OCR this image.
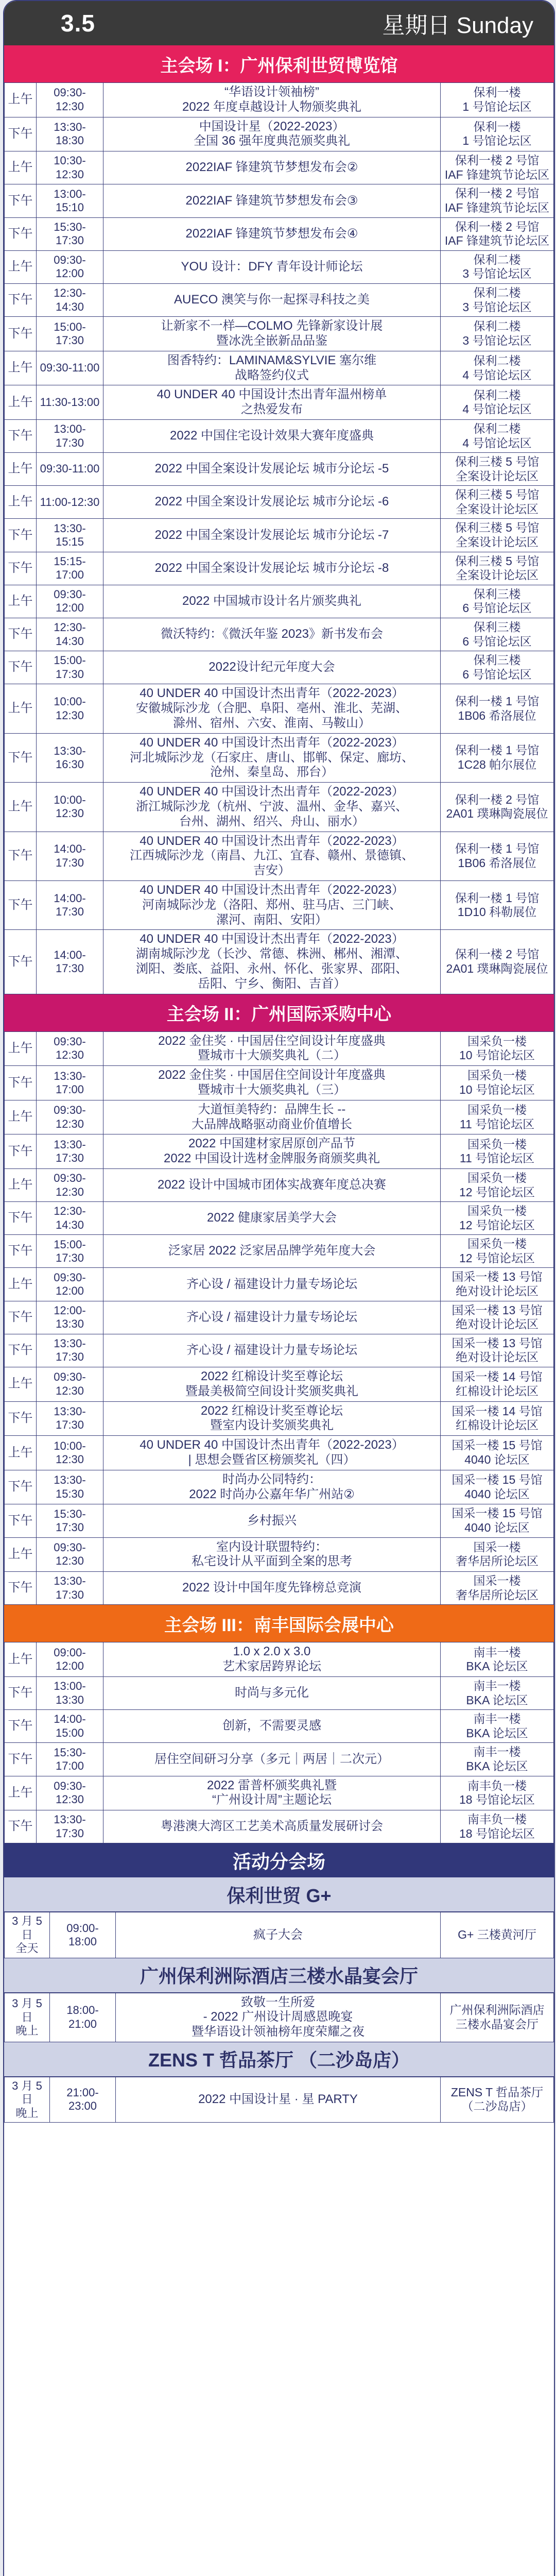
3.5	星期日 Sunday
主会场 I：广州保利世贸博览馆
上午	09:30-12:30	“华语设计领袖榜”
2022 年度卓越设计人物颁奖典礼	保利一楼
1 号馆论坛区
下午	13:30-18:30	中国设计星（2022-2023）
全国 36 强年度典范颁奖典礼	保利一楼
1 号馆论坛区
上午	10:30-12:30	2022IAF 锋建筑节梦想发布会②	保利一楼 2 号馆
IAF 锋建筑节论坛区
下午	13:00-15:10	2022IAF 锋建筑节梦想发布会③	保利一楼 2 号馆
IAF 锋建筑节论坛区
下午	15:30-17:30	2022IAF 锋建筑节梦想发布会④	保利一楼 2 号馆
IAF 锋建筑节论坛区
上午	09:30-12:00	YOU 设计：DFY 青年设计师论坛	保利二楼
3 号馆论坛区
下午	12:30-14:30	AUECO 澳笑与你一起探寻科技之美	保利二楼
3 号馆论坛区
下午	15:00-17:30	让新家不一样—COLMO 先锋新家设计展
暨冰洗全嵌新品品鉴	保利二楼
3 号馆论坛区
上午	09:30-11:00	图香特约：LAMINAM&SYLVIE 塞尔维
战略签约仪式	保利二楼
4 号馆论坛区
上午	11:30-13:00	40 UNDER 40 中国设计杰出青年温州榜单
之热爱发布	保利二楼
4 号馆论坛区
下午	13:00-17:30	2022 中国住宅设计效果大赛年度盛典	保利二楼
4 号馆论坛区
上午	09:30-11:00	2022 中国全案设计发展论坛 城市分论坛 -5	保利三楼 5 号馆
全案设计论坛区
上午	11:00-12:30	2022 中国全案设计发展论坛 城市分论坛 -6	保利三楼 5 号馆
全案设计论坛区
下午	13:30-15:15	2022 中国全案设计发展论坛 城市分论坛 -7	保利三楼 5 号馆
全案设计论坛区
下午	15:15-17:00	2022 中国全案设计发展论坛 城市分论坛 -8	保利三楼 5 号馆
全案设计论坛区
上午	09:30-12:00	2022 中国城市设计名片颁奖典礼	保利三楼
6 号馆论坛区
下午	12:30-14:30	微沃特约：《微沃年鉴 2023》新书发布会	保利三楼
6 号馆论坛区
下午	15:00-17:30	2022设计纪元年度大会	保利三楼
6 号馆论坛区
上午	10:00-12:30	40 UNDER 40 中国设计杰出青年（2022-2023）
安徽城际沙龙（合肥、阜阳、亳州、淮北、芜湖、
滁州、宿州、六安、淮南、马鞍山）	保利一楼 1 号馆
1B06 希洛展位
下午	13:30-16:30	40 UNDER 40 中国设计杰出青年（2022-2023）
河北城际沙龙（石家庄、唐山、邯郸、保定、廊坊、
沧州、秦皇岛、邢台）	保利一楼 1 号馆
1C28 帕尔展位
上午	10:00-12:30	40 UNDER 40 中国设计杰出青年（2022-2023）
浙江城际沙龙（杭州、宁波、温州、金华、嘉兴、
台州、湖州、绍兴、舟山、丽水）	保利一楼 2 号馆
2A01 璞琳陶瓷展位
下午	14:00-17:30	40 UNDER 40 中国设计杰出青年（2022-2023）
江西城际沙龙（南昌、九江、宜春、赣州、景德镇、
吉安）	保利一楼 1 号馆
1B06 希洛展位
下午	14:00-17:30	40 UNDER 40 中国设计杰出青年（2022-2023）
河南城际沙龙（洛阳、郑州、驻马店、三门峡、
漯河、南阳、安阳）	保利一楼 1 号馆
1D10 科勒展位
下午	14:00-17:30	40 UNDER 40 中国设计杰出青年（2022-2023）
湖南城际沙龙（长沙、常德、株洲、郴州、湘潭、
浏阳、娄底、益阳、永州、怀化、张家界、邵阳、
岳阳、宁乡、衡阳、吉首）	保利一楼 2 号馆
2A01 璞琳陶瓷展位
主会场 II：广州国际采购中心
上午	09:30-12:30	2022 金住奖 · 中国居住空间设计年度盛典
暨城市十大颁奖典礼（二）	国采负一楼
10 号馆论坛区
下午	13:30-17:00	2022 金住奖 · 中国居住空间设计年度盛典
暨城市十大颁奖典礼（三）	国采负一楼
10 号馆论坛区
上午	09:30-12:30	大道恒美特约：品牌生长 --
大品牌战略驱动商业价值增长	国采负一楼
11 号馆论坛区
下午	13:30-17:30	2022 中国建材家居原创产品节
2022 中国设计选材金牌服务商颁奖典礼	国采负一楼
11 号馆论坛区
上午	09:30-12:30	2022 设计中国城市团体实战赛年度总决赛	国采负一楼
12 号馆论坛区
下午	12:30-14:30	2022 健康家居美学大会	国采负一楼
12 号馆论坛区
下午	15:00-17:30	泛家居 2022 泛家居品牌学苑年度大会	国采负一楼
12 号馆论坛区
上午	09:30-12:00	齐心设 / 福建设计力量专场论坛	国采一楼 13 号馆
绝对设计论坛区
下午	12:00-13:30	齐心设 / 福建设计力量专场论坛	国采一楼 13 号馆
绝对设计论坛区
下午	13:30-17:30	齐心设 / 福建设计力量专场论坛	国采一楼 13 号馆
绝对设计论坛区
上午	09:30-12:30	2022 红棉设计奖至尊论坛
暨最美极简空间设计奖颁奖典礼	国采一楼 14 号馆
红棉设计论坛区
下午	13:30-17:30	2022 红棉设计奖至尊论坛
暨室内设计奖颁奖典礼	国采一楼 14 号馆
红棉设计论坛区
上午	10:00-12:30	40 UNDER 40 中国设计杰出青年（2022-2023）
| 思想会暨省区榜颁奖礼（四）	国采一楼 15 号馆
4040 论坛区
下午	13:30-15:30	时尚办公同特约：
2022 时尚办公嘉年华广州站②	国采一楼 15 号馆
4040 论坛区
下午	15:30-17:30	乡村振兴	国采一楼 15 号馆
4040 论坛区
上午	09:30-12:30	室内设计联盟特约：
私宅设计从平面到全案的思考	国采一楼
奢华居所论坛区
下午	13:30-17:30	2022 设计中国年度先锋榜总竞演	国采一楼
奢华居所论坛区
主会场 III：南丰国际会展中心
上午	09:00-12:00	1.0 x 2.0 x 3.0
艺术家居跨界论坛	南丰一楼
BKA 论坛区
下午	13:00-13:30	时尚与多元化	南丰一楼
BKA 论坛区
下午	14:00-15:00	创新，不需要灵感	南丰一楼
BKA 论坛区
下午	15:30-17:00	居住空间研习分享（多元｜两居｜二次元）	南丰一楼
BKA 论坛区
上午	09:30-12:30	2022 雷普杯颁奖典礼暨
“广州设计周”主题论坛	南丰负一楼
18 号馆论坛区
下午	13:30-17:30	粤港澳大湾区工艺美术高质量发展研讨会	南丰负一楼
18 号馆论坛区
活动分会场
保利世贸 G+
3 月 5 日
全天	09:00-18:00	疯子大会	G+ 三楼黄河厅
广州保利洲际酒店三楼水晶宴会厅
3 月 5 日
晚上	18:00-21:00	致敬一生所爱
- 2022 广州设计周感恩晚宴
暨华语设计领袖榜年度荣耀之夜	广州保利洲际酒店
三楼水晶宴会厅
ZENS T 哲品茶厅 （二沙岛店）
3 月 5 日
晚上	21:00-23:00	2022 中国设计星 · 星 PARTY	ZENS T 哲品茶厅
（二沙岛店）
